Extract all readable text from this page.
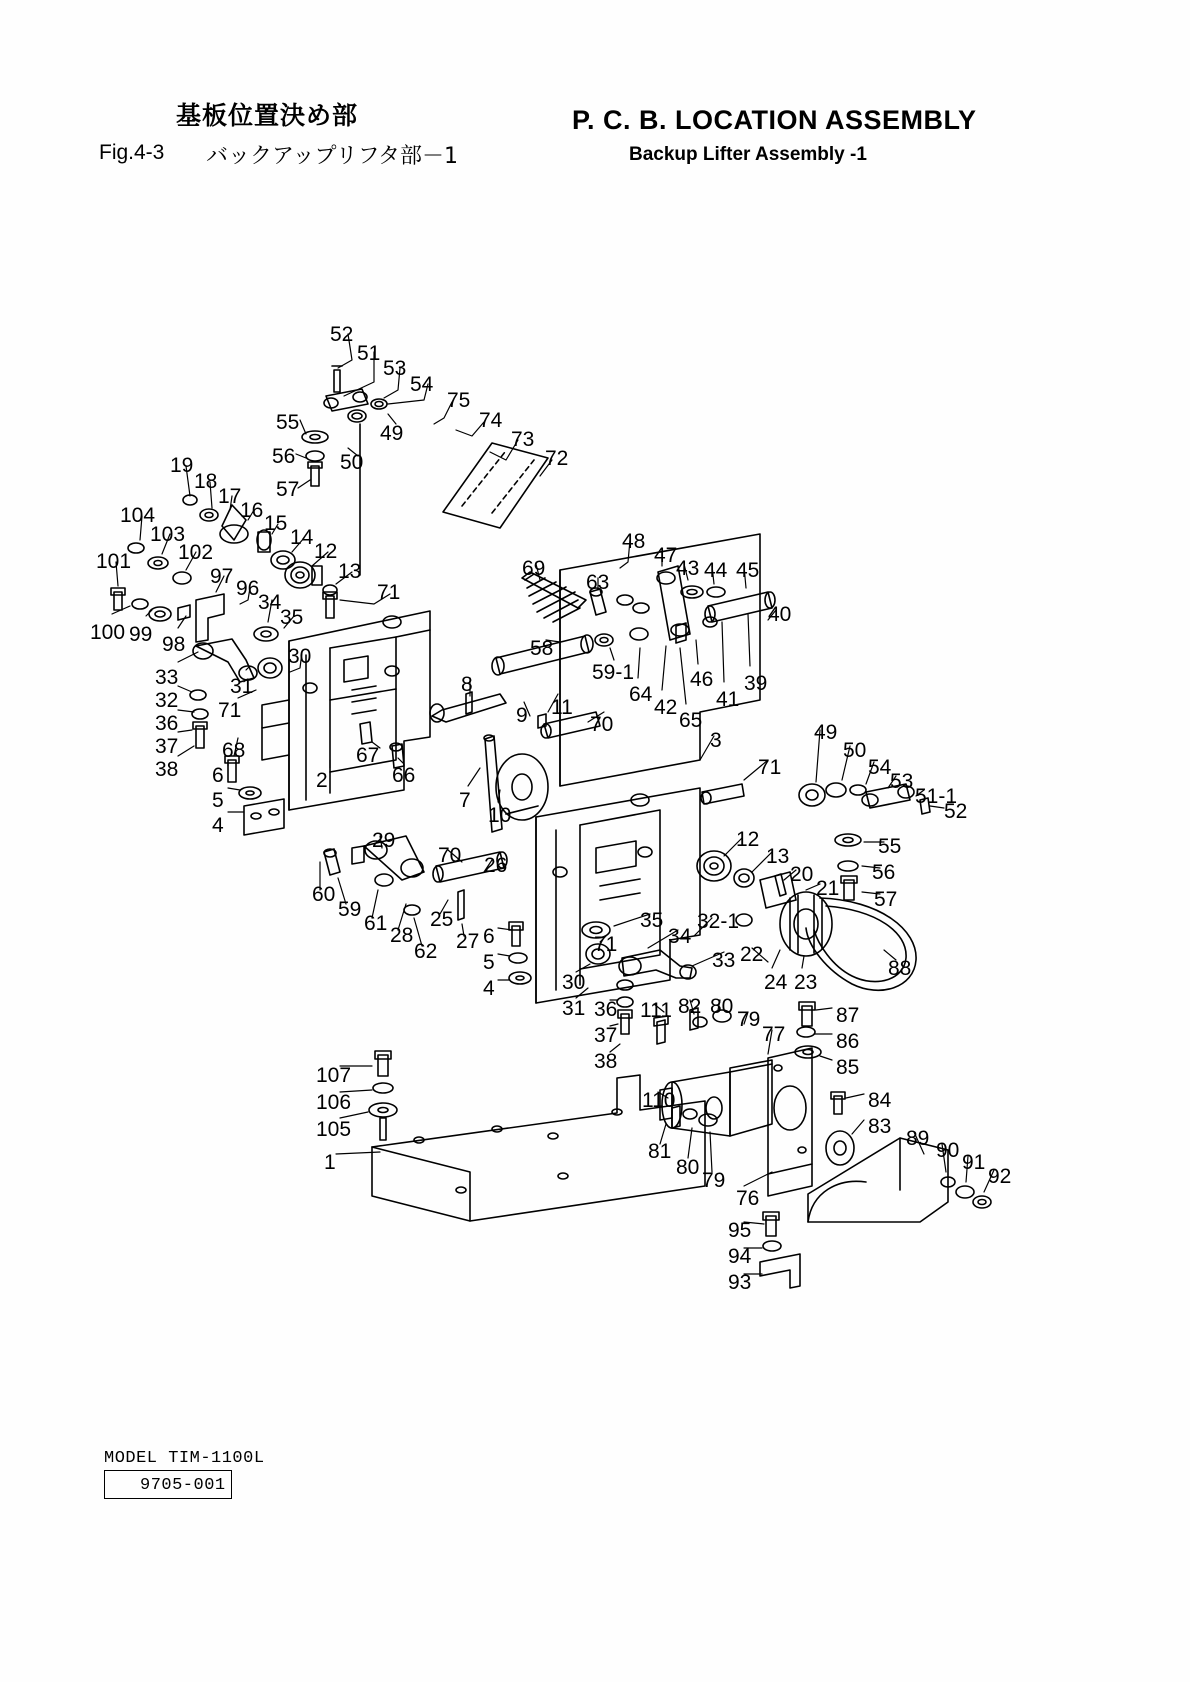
基板位置決め部
Fig.4-3 バックアップリフタ部－1
P. C. B. LOCATION ASSEMBLY
Backup Lifter Assembly -1
52
51
53
54
75
74
73
72
55	49
56 50
57
19
18
17
16
15
14
12
13
71
104
103
102
101
97
96
34
35
100 99 98
30
33
32
31
36
71
37
38
68
6
5
4
67
66
2
8
9 11
7
10
70
3
71
69
63
48
47
43 44 45
40
58
59-1
64
42
46
65
41
39
49
50
54
53
51-1
52
55
56
57
12
13
20
21
29
70 26
60
59
61
28
62
25
27 6
5
4
71
35
34
32-1
33 22
24 23
88
30
31 36
37
38
111 82 80
79
77
87
86
85
110	84
83
81
80
79
76
89
90
91
92
95
94
93
107
106
105
1
MODEL TIM-1100L
9705-001
